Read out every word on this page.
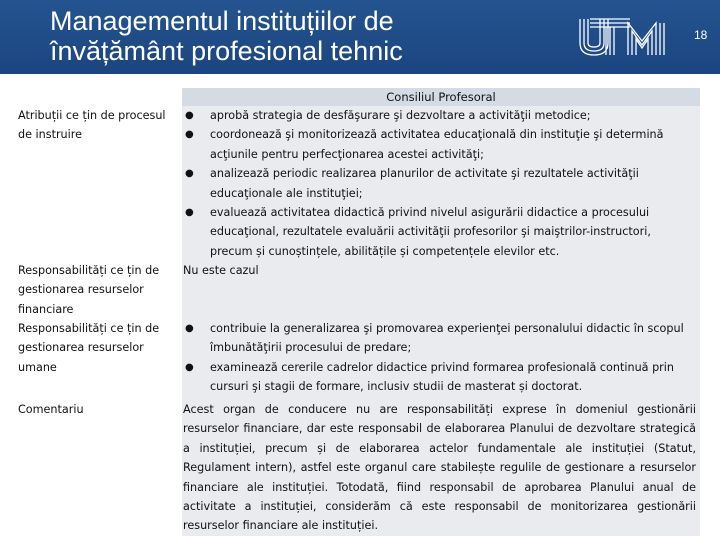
Managementul instituțiilor de
învățământ profesional tehnic
18
Consiliul Profesoral
Atribuții ce țin de procesul de instruire
● aprobă strategia de desfăşurare şi dezvoltare a activităţii metodice;
● coordonează şi monitorizează activitatea educaţională din instituţie şi determină acţiunile pentru perfecţionarea acestei activităţi;
● analizează periodic realizarea planurilor de activitate şi rezultatele activităţii educaţionale ale instituţiei;
● evaluează activitatea didactică privind nivelul asigurării didactice a procesului educaţional, rezultatele evaluării activităţii profesorilor şi maiştrilor-instructori, precum și cunoștințele, abilitățile și competențele elevilor etc.
Responsabilități ce țin de gestionarea resurselor financiare
Nu este cazul
Responsabilități ce țin de gestionarea resurselor umane
● contribuie la generalizarea şi promovarea experienţei personalului didactic în scopul îmbunătăţirii procesului de predare;
● examinează cererile cadrelor didactice privind formarea profesională continuă prin cursuri şi stagii de formare, inclusiv studii de masterat și doctorat.
Comentariu	Acest organ de conducere nu are responsabilități exprese în domeniul gestionării resurselor financiare, dar este responsabil de elaborarea Planului de dezvoltare strategică a instituției, precum și de elaborarea actelor fundamentale ale instituției (Statut, Regulament intern), astfel este organul care stabilește regulile de gestionare a resurselor financiare ale instituției. Totodată, fiind responsabil de aprobarea Planului anual de activitate a instituției, considerăm că este responsabil de monitorizarea gestionării resurselor financiare ale instituției.
